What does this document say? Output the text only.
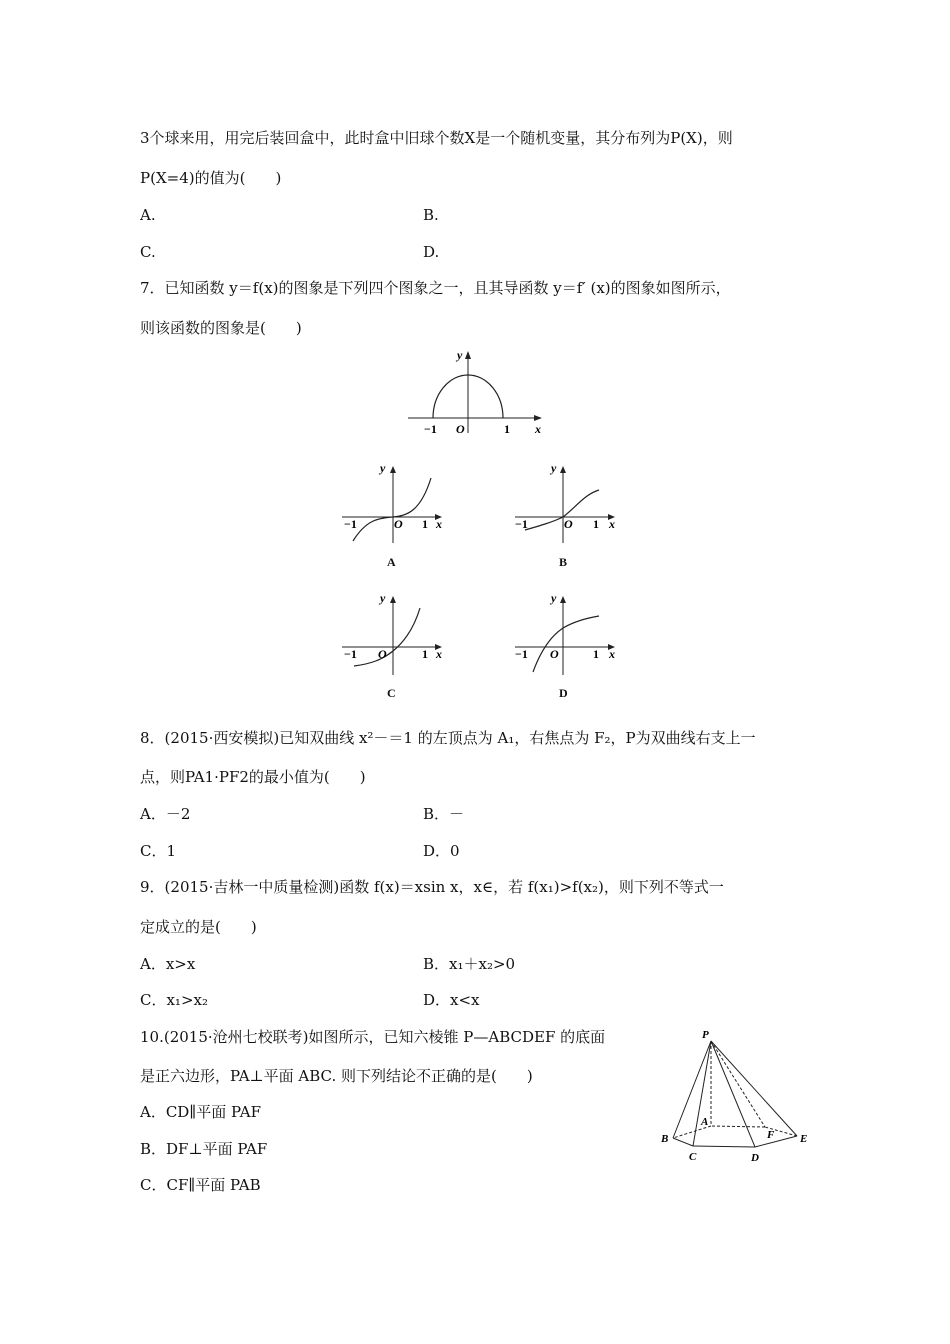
3个球来用，用完后装回盒中，此时盒中旧球个数X是一个随机变量，其分布列为P(X)，则
P(X=4)的值为(　　)
A.	B.
C.	D.
7．已知函数 y＝f(x)的图象是下列四个图象之一，且其导函数 y＝f′ (x)的图象如图所示，
则该函数的图象是(　　)
y
x
O
−1	1
y
x
O
−1	1
A
y
x
O
−1	1
B
y
x
O
−1	1
C
y
x
O
−1	1
D
8．(2015·西安模拟)已知双曲线 x²－＝1 的左顶点为 A₁，右焦点为 F₂，P为双曲线右支上一
点，则PA1·PF2的最小值为(　　)
A．－2	B．－
C．1	D．0
9．(2015·吉林一中质量检测)函数 f(x)＝xsin x，x∈，若 f(x₁)>f(x₂)，则下列不等式一
定成立的是(　　)
A．x>x	B．x₁＋x₂>0
C．x₁>x₂	D．x<x
10.(2015·沧州七校联考)如图所示，已知六棱锥 P—ABCDEF 的底面
是正六边形，PA⊥平面 ABC. 则下列结论不正确的是(　　)
A．CD∥平面 PAF
B．DF⊥平面 PAF
C．CF∥平面 PAB
P
A
B
C	D
E
F
